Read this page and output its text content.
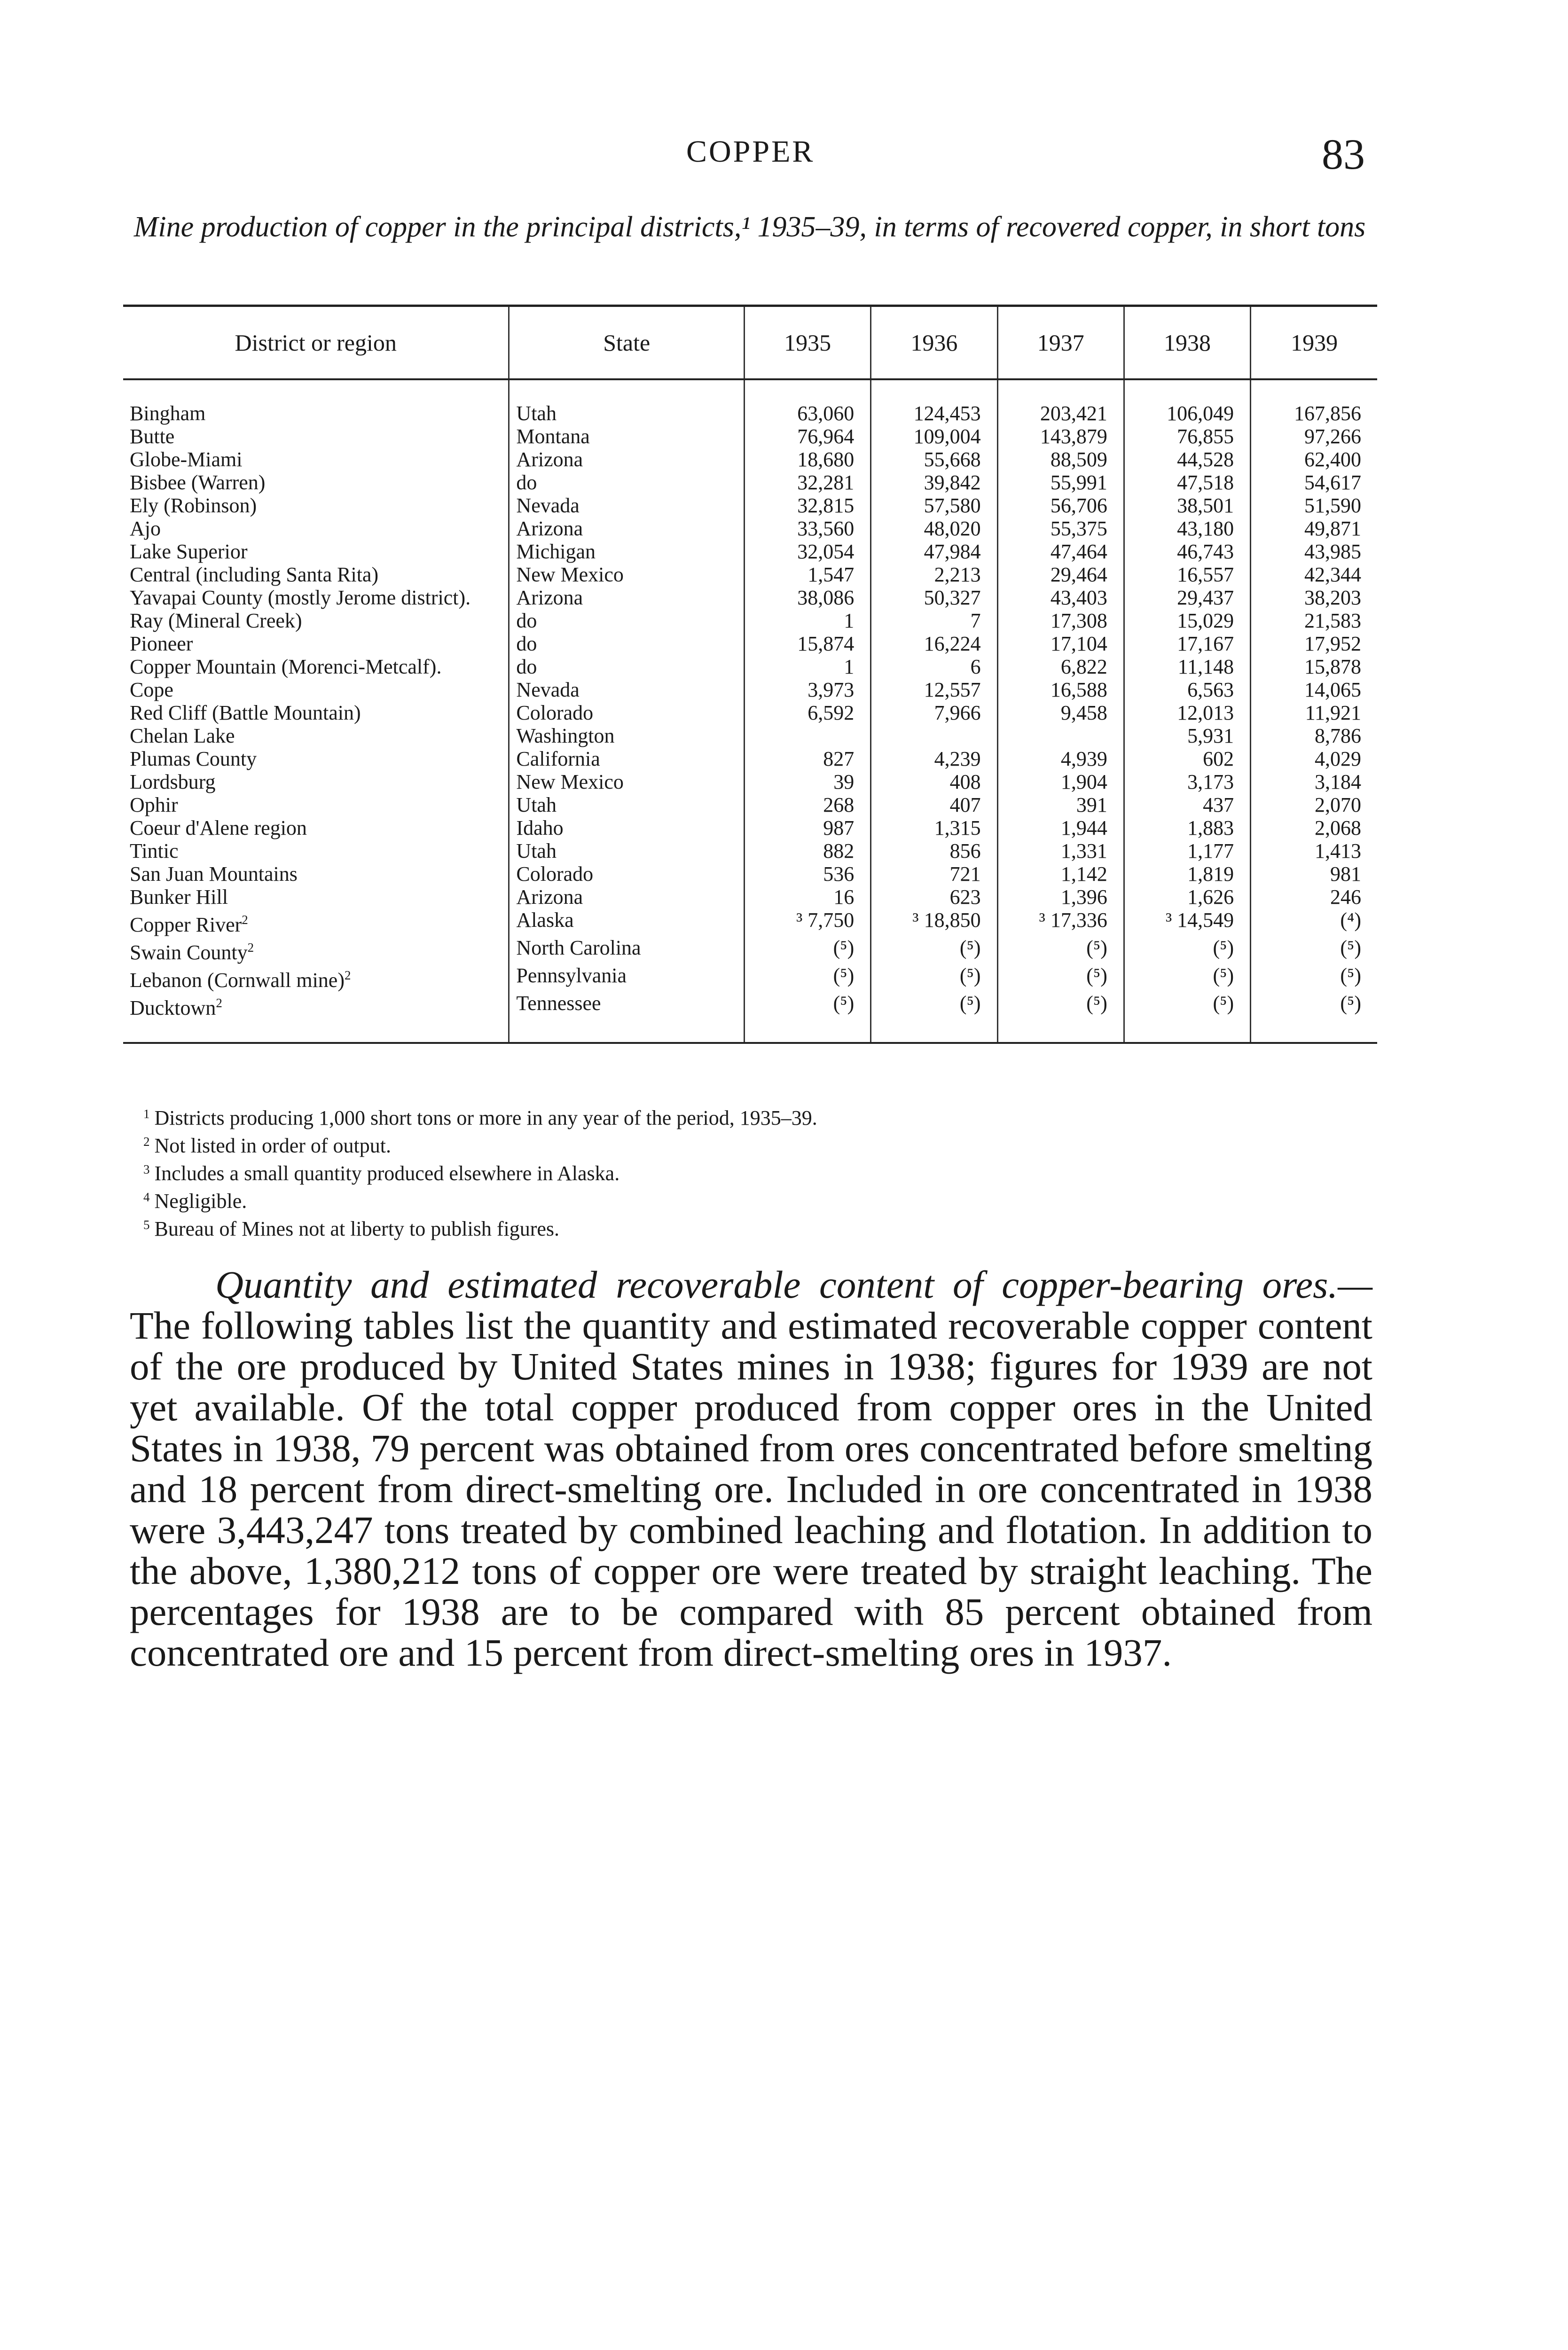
COPPER	83
Mine production of copper in the principal districts,¹ 1935–39, in terms of recovered copper, in short tons
District or region	State	1935	1936	1937	1938	1939
Bingham	Utah	63,060	124,453	203,421	106,049	167,856
Butte	Montana	76,964	109,004	143,879	76,855	97,266
Globe-Miami	Arizona	18,680	55,668	88,509	44,528	62,400
Bisbee (Warren)	do	32,281	39,842	55,991	47,518	54,617
Ely (Robinson)	Nevada	32,815	57,580	56,706	38,501	51,590
Ajo	Arizona	33,560	48,020	55,375	43,180	49,871
Lake Superior	Michigan	32,054	47,984	47,464	46,743	43,985
Central (including Santa Rita)	New Mexico	1,547	2,213	29,464	16,557	42,344
Yavapai County (mostly Jerome district).	Arizona	38,086	50,327	43,403	29,437	38,203
Ray (Mineral Creek)	do	1	7	17,308	15,029	21,583
Pioneer	do	15,874	16,224	17,104	17,167	17,952
Copper Mountain (Morenci-Metcalf).	do	1	6	6,822	11,148	15,878
Cope	Nevada	3,973	12,557	16,588	6,563	14,065
Red Cliff (Battle Mountain)	Colorado	6,592	7,966	9,458	12,013	11,921
Chelan Lake	Washington				5,931	8,786
Plumas County	California	827	4,239	4,939	602	4,029
Lordsburg	New Mexico	39	408	1,904	3,173	3,184
Ophir	Utah	268	407	391	437	2,070
Coeur d'Alene region	Idaho	987	1,315	1,944	1,883	2,068
Tintic	Utah	882	856	1,331	1,177	1,413
San Juan Mountains	Colorado	536	721	1,142	1,819	981
Bunker Hill	Arizona	16	623	1,396	1,626	246
Copper River$^2$	Alaska	³ 7,750	³ 18,850	³ 17,336	³ 14,549	(⁴)
Swain County$^2$	North Carolina	(⁵)	(⁵)	(⁵)	(⁵)	(⁵)
Lebanon (Cornwall mine)$^2$	Pennsylvania	(⁵)	(⁵)	(⁵)	(⁵)	(⁵)
Ducktown$^2$	Tennessee	(⁵)	(⁵)	(⁵)	(⁵)	(⁵)
$^1$ Districts producing 1,000 short tons or more in any year of the period, 1935–39.
$^2$ Not listed in order of output.
$^3$ Includes a small quantity produced elsewhere in Alaska.
$^4$ Negligible.
$^5$ Bureau of Mines not at liberty to publish figures.
Quantity and estimated recoverable content of copper-bearing ores.— The following tables list the quantity and estimated recoverable copper content of the ore produced by United States mines in 1938; figures for 1939 are not yet available. Of the total copper produced from copper ores in the United States in 1938, 79 percent was obtained from ores concentrated before smelting and 18 percent from direct-smelting ore. Included in ore concentrated in 1938 were 3,443,247 tons treated by combined leaching and flotation. In addition to the above, 1,380,212 tons of copper ore were treated by straight leaching. The percentages for 1938 are to be compared with 85 percent obtained from concentrated ore and 15 percent from direct-smelting ores in 1937.
